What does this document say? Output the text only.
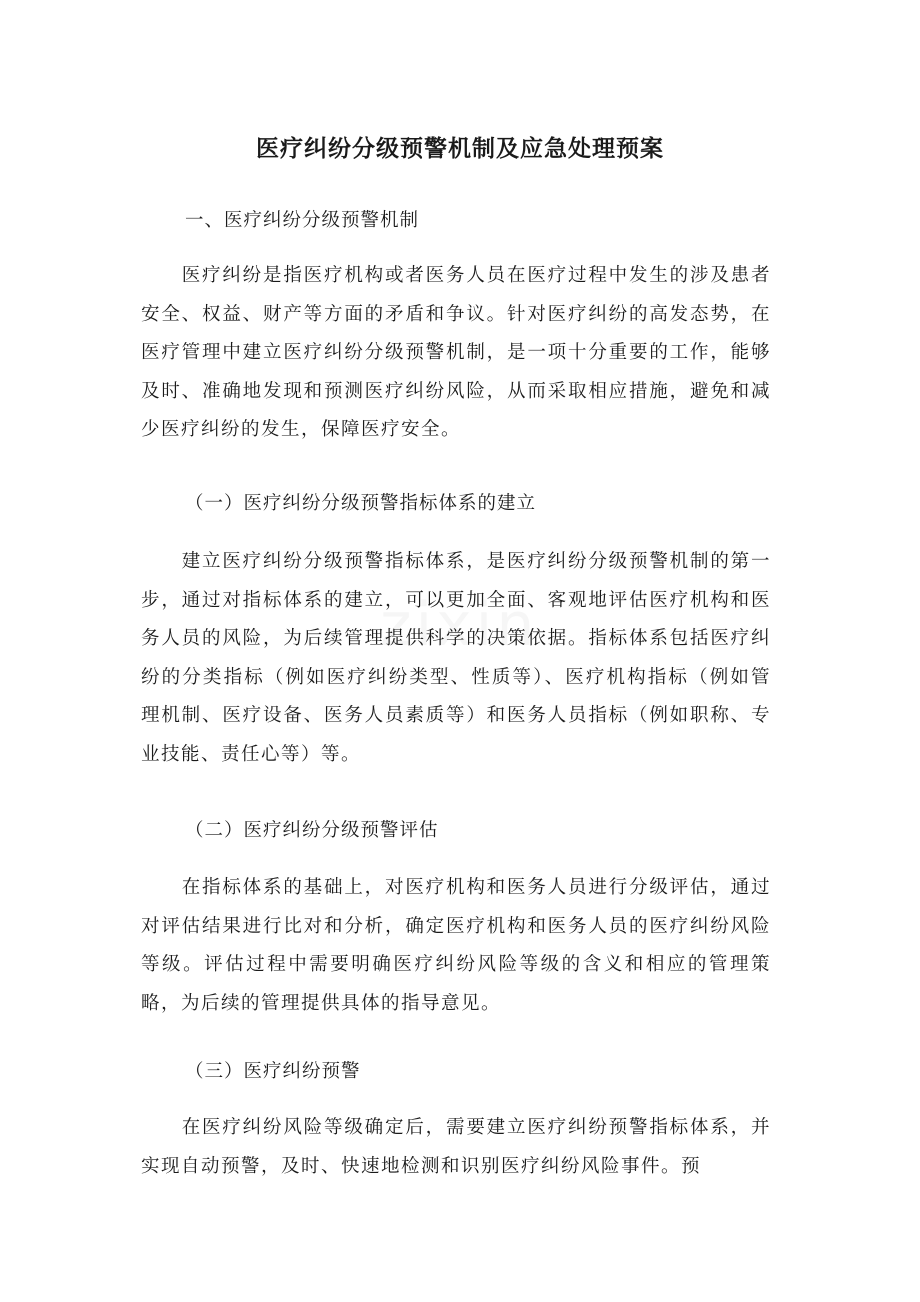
医疗纠纷分级预警机制及应急处理预案

一、医疗纠纷分级预警机制

医疗纠纷是指医疗机构或者医务人员在医疗过程中发生的涉及患者安全、权益、财产等方面的矛盾和争议。针对医疗纠纷的高发态势，在医疗管理中建立医疗纠纷分级预警机制，是一项十分重要的工作，能够及时、准确地发现和预测医疗纠纷风险，从而采取相应措施，避免和减少医疗纠纷的发生，保障医疗安全。

（一）医疗纠纷分级预警指标体系的建立

建立医疗纠纷分级预警指标体系，是医疗纠纷分级预警机制的第一步，通过对指标体系的建立，可以更加全面、客观地评估医疗机构和医务人员的风险，为后续管理提供科学的决策依据。指标体系包括医疗纠纷的分类指标（例如医疗纠纷类型、性质等）、医疗机构指标（例如管理机制、医疗设备、医务人员素质等）和医务人员指标（例如职称、专业技能、责任心等）等。

（二）医疗纠纷分级预警评估

在指标体系的基础上，对医疗机构和医务人员进行分级评估，通过对评估结果进行比对和分析，确定医疗机构和医务人员的医疗纠纷风险等级。评估过程中需要明确医疗纠纷风险等级的含义和相应的管理策略，为后续的管理提供具体的指导意见。

（三）医疗纠纷预警

在医疗纠纷风险等级确定后，需要建立医疗纠纷预警指标体系，并实现自动预警，及时、快速地检测和识别医疗纠纷风险事件。预
